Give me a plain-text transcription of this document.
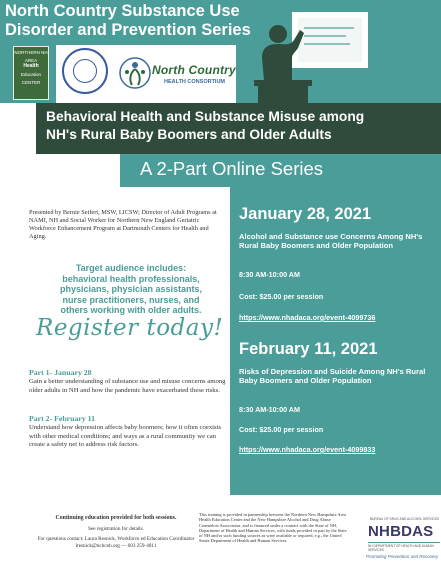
North Country Substance Use Disorder and Prevention Series
NORTHERN NH
AREA
Health
Education
CENTER
North Country
HEALTH CONSORTIUM
Behavioral Health and Substance Misuse among
NH's Rural Baby Boomers and Older Adults
A 2-Part Online Series
January 28, 2021
Alcohol and Substance use Concerns Among NH's Rural Baby Boomers and Older Population
8:30 AM-10:00 AM
Cost: $25.00 per session
https://www.nhadaca.org/event-4099736
February 11, 2021
Risks of Depression and Suicide Among NH's Rural Baby Boomers and Older Population
8:30 AM-10:00 AM
Cost: $25.00 per session
https://www.nhadaca.org/event-4099833
Presented by Bernie Seifert, MSW, LICSW; Director of Adult Programs at NAMI, NH and Social Worker for Northern New England Geriatric Workforce Enhancement Program at Dartmouth Centers for Health and Aging.
Target audience includes:
behavioral health professionals,
physicians, physician assistants,
nurse practitioners, nurses, and
others working with older adults.
Register today!
Part 1- January 28
Gain a better understanding of substance use and misuse concerns among older adults in NH and how the pandemic have exacerbated these risks.
Part 2- February 11
Understand how depression affects baby boomers; how it often coexists with other medical conditions; and ways as a rural community we can create a safety net to address risk factors.
Continuing education provided for both sessions.
See registration for details.
For questions contact: Laura Resnick, Workforce ed Education Coordinator
lresnick@nchcnh.org — 603 259-4811
This training is provided in partnership between the Northern New Hampshire Area Health Education Center and the New Hampshire Alcohol and Drug Abuse Counselors Association, and is financed under a contract with the State of NH, Department of Health and Human Services, with funds provided in part by the State of NH and/or such funding sources as were available or required, e.g., the United States Department of Health and Human Services.
BUREAU OF DRUG AND ALCOHOL SERVICES
NHBDAS
NH DEPARTMENT OF HEALTH AND HUMAN SERVICES
Promoting Prevention and Recovery
